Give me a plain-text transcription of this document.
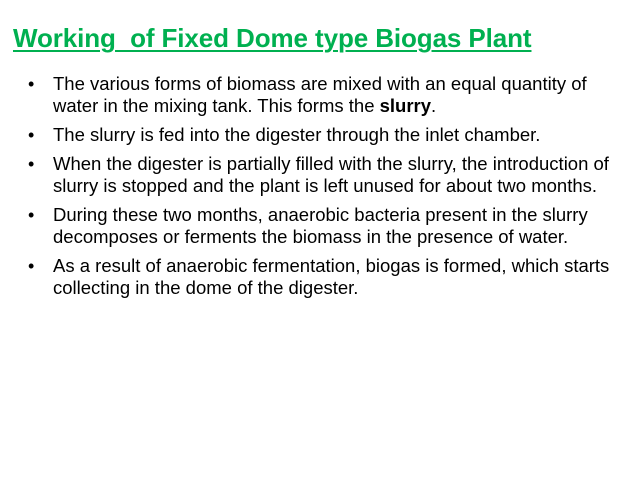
Working  of Fixed Dome type Biogas Plant
• The various forms of biomass are mixed with an equal quantity of water in the mixing tank. This forms the slurry.
• The slurry is fed into the digester through the inlet chamber.
• When the digester is partially filled with the slurry, the introduction of slurry is stopped and the plant is left unused for about two months.
• During these two months, anaerobic bacteria present in the slurry decomposes or ferments the biomass in the presence of water.
• As a result of anaerobic fermentation, biogas is formed, which starts collecting in the dome of the digester.
